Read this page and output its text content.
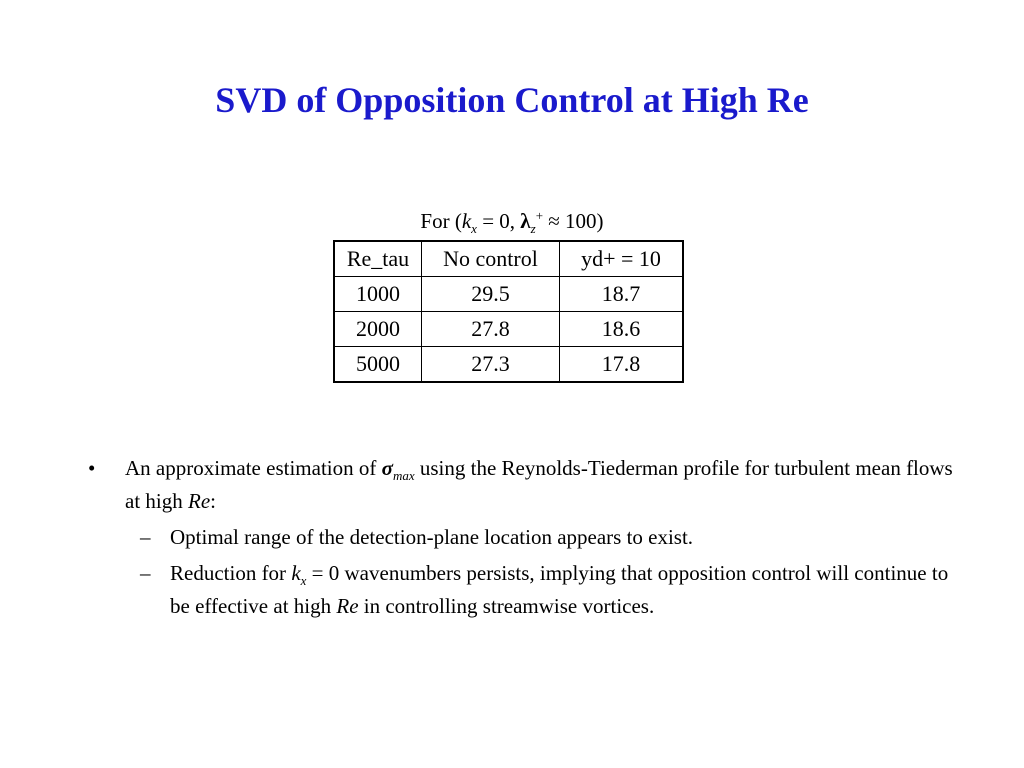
SVD of Opposition Control at High Re
For ($k_x = 0$, $\lambda_z^+ \approx 100$)
Re_tau	No control	yd+ = 10
1000	29.5	18.7
2000	27.8	18.6
5000	27.3	17.8
• An approximate estimation of $\sigma_{max}$ using the Reynolds-Tiederman profile for turbulent mean flows at high Re:
– Optimal range of the detection-plane location appears to exist.
– Reduction for $k_x = 0$ wavenumbers persists, implying that opposition control will continue to be effective at high Re in controlling streamwise vortices.
